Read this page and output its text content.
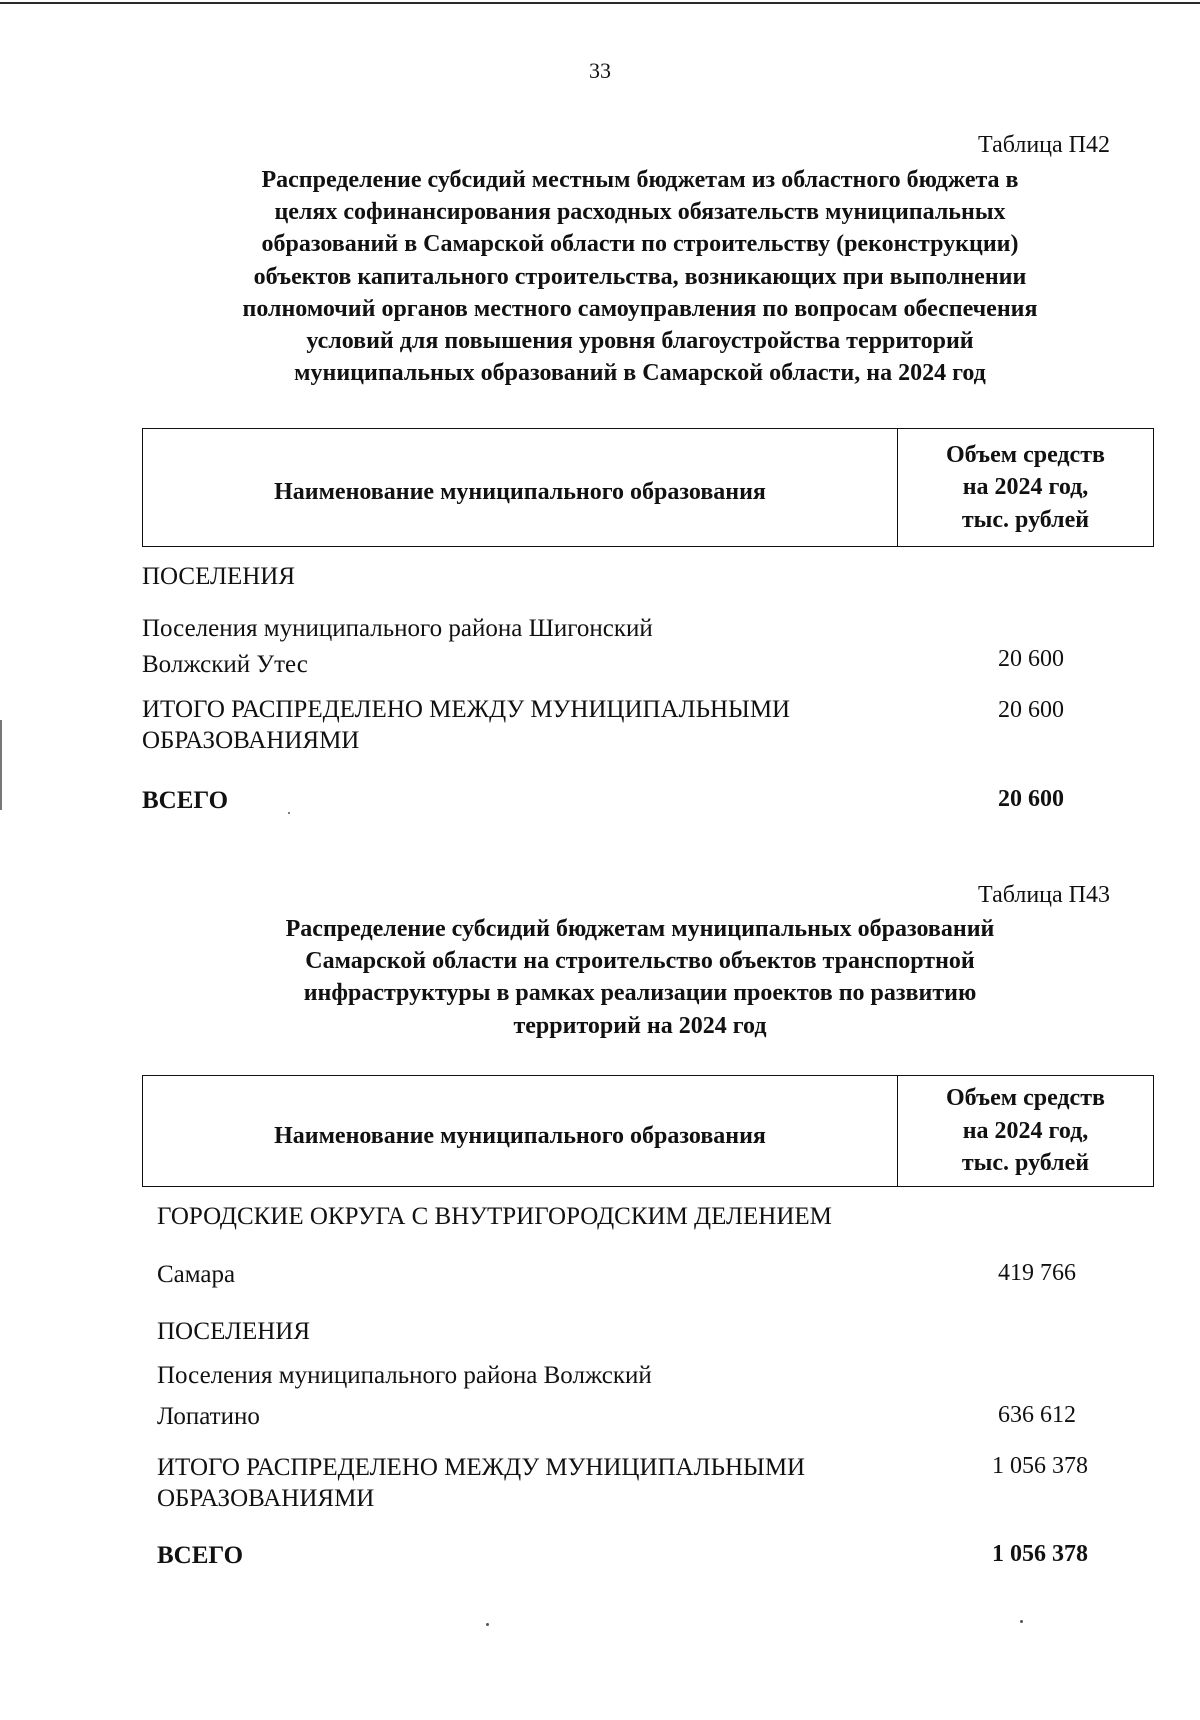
33
Таблица П42
Распределение субсидий местным бюджетам из областного бюджета в
целях софинансирования расходных обязательств муниципальных
образований в Самарской области по строительству (реконструкции)
объектов капитального строительства, возникающих при выполнении
полномочий органов местного самоуправления по вопросам обеспечения
условий для повышения уровня благоустройства территорий
муниципальных образований в Самарской области, на 2024 год
Наименование муниципального образования
Объем средств
на 2024 год,
тыс. рублей
ПОСЕЛЕНИЯ
Поселения муниципального района Шигонский
Волжский Утес	20 600
ИТОГО РАСПРЕДЕЛЕНО МЕЖДУ МУНИЦИПАЛЬНЫМИ
ОБРАЗОВАНИЯМИ
20 600
ВСЕГО	20 600
Таблица П43
Распределение субсидий бюджетам муниципальных образований
Самарской области на строительство объектов транспортной
инфраструктуры в рамках реализации проектов по развитию
территорий на 2024 год
Наименование муниципального образования
Объем средств
на 2024 год,
тыс. рублей
ГОРОДСКИЕ ОКРУГА С ВНУТРИГОРОДСКИМ ДЕЛЕНИЕМ
Самара	419 766
ПОСЕЛЕНИЯ
Поселения муниципального района Волжский
Лопатино	636 612
ИТОГО РАСПРЕДЕЛЕНО МЕЖДУ МУНИЦИПАЛЬНЫМИ
ОБРАЗОВАНИЯМИ
1 056 378
ВСЕГО	1 056 378
